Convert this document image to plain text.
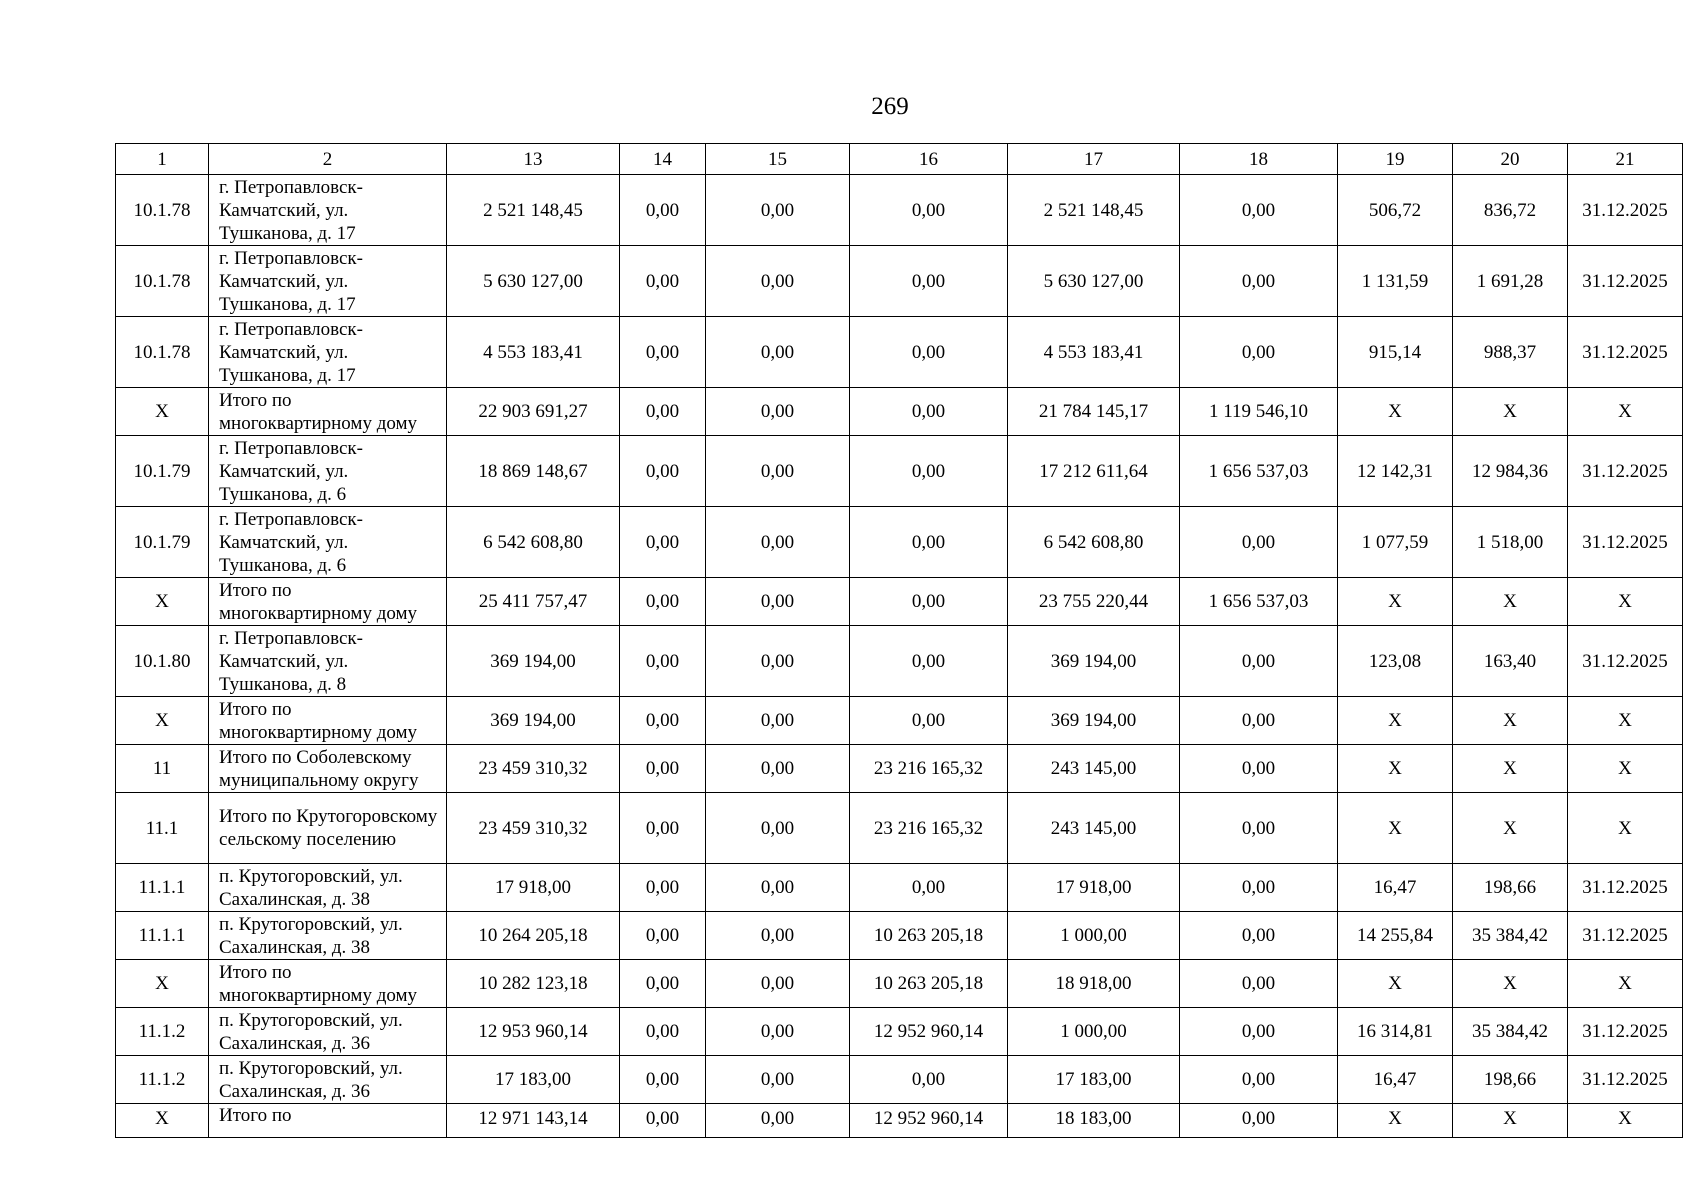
269
1	2	13	14	15	16	17	18	19	20	21
10.1.78	г. Петропавловск-Камчатский, ул. Тушканова, д. 17	2 521 148,45	0,00	0,00	0,00	2 521 148,45	0,00	506,72	836,72	31.12.2025
10.1.78	г. Петропавловск-Камчатский, ул. Тушканова, д. 17	5 630 127,00	0,00	0,00	0,00	5 630 127,00	0,00	1 131,59	1 691,28	31.12.2025
10.1.78	г. Петропавловск-Камчатский, ул. Тушканова, д. 17	4 553 183,41	0,00	0,00	0,00	4 553 183,41	0,00	915,14	988,37	31.12.2025
X	Итого по многоквартирному дому	22 903 691,27	0,00	0,00	0,00	21 784 145,17	1 119 546,10	X	X	X
10.1.79	г. Петропавловск-Камчатский, ул. Тушканова, д. 6	18 869 148,67	0,00	0,00	0,00	17 212 611,64	1 656 537,03	12 142,31	12 984,36	31.12.2025
10.1.79	г. Петропавловск-Камчатский, ул. Тушканова, д. 6	6 542 608,80	0,00	0,00	0,00	6 542 608,80	0,00	1 077,59	1 518,00	31.12.2025
X	Итого по многоквартирному дому	25 411 757,47	0,00	0,00	0,00	23 755 220,44	1 656 537,03	X	X	X
10.1.80	г. Петропавловск-Камчатский, ул. Тушканова, д. 8	369 194,00	0,00	0,00	0,00	369 194,00	0,00	123,08	163,40	31.12.2025
X	Итого по многоквартирному дому	369 194,00	0,00	0,00	0,00	369 194,00	0,00	X	X	X
11	Итого по Соболевскому муниципальному округу	23 459 310,32	0,00	0,00	23 216 165,32	243 145,00	0,00	X	X	X
11.1	Итого по Крутогоровскому сельскому поселению	23 459 310,32	0,00	0,00	23 216 165,32	243 145,00	0,00	X	X	X
11.1.1	п. Крутогоровский, ул. Сахалинская, д. 38	17 918,00	0,00	0,00	0,00	17 918,00	0,00	16,47	198,66	31.12.2025
11.1.1	п. Крутогоровский, ул. Сахалинская, д. 38	10 264 205,18	0,00	0,00	10 263 205,18	1 000,00	0,00	14 255,84	35 384,42	31.12.2025
X	Итого по многоквартирному дому	10 282 123,18	0,00	0,00	10 263 205,18	18 918,00	0,00	X	X	X
11.1.2	п. Крутогоровский, ул. Сахалинская, д. 36	12 953 960,14	0,00	0,00	12 952 960,14	1 000,00	0,00	16 314,81	35 384,42	31.12.2025
11.1.2	п. Крутогоровский, ул. Сахалинская, д. 36	17 183,00	0,00	0,00	0,00	17 183,00	0,00	16,47	198,66	31.12.2025
X	Итого по	12 971 143,14	0,00	0,00	12 952 960,14	18 183,00	0,00	X	X	X
